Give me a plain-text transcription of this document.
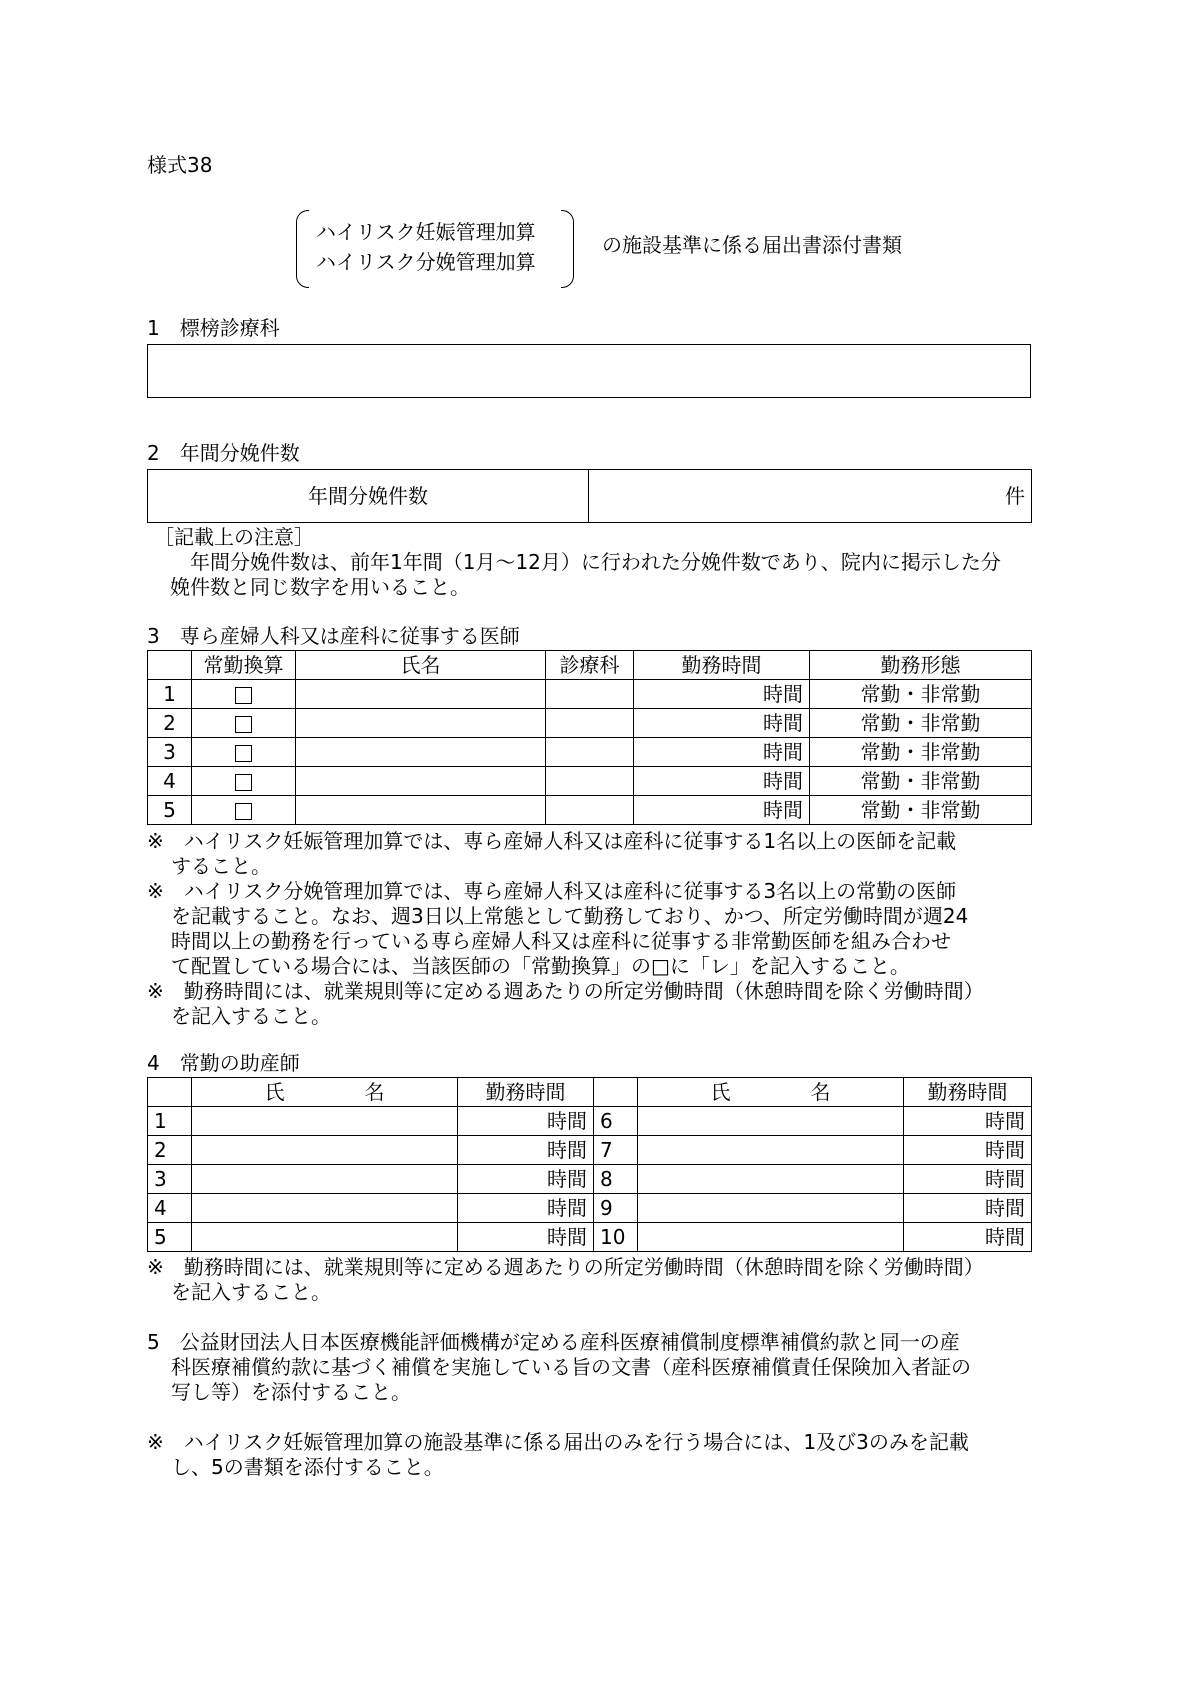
様式38
ハイリスク妊娠管理加算
ハイリスク分娩管理加算
の施設基準に係る届出書添付書類
1　標榜診療科
2　年間分娩件数
年間分娩件数	件
［記載上の注意］
　年間分娩件数は、前年1年間（1月～12月）に行われた分娩件数であり、院内に掲示した分
娩件数と同じ数字を用いること。
3　専ら産婦人科又は産科に従事する医師
	常勤換算	氏名	診療科	勤務時間	勤務形態
1				時間	常勤・非常勤
2				時間	常勤・非常勤
3				時間	常勤・非常勤
4				時間	常勤・非常勤
5				時間	常勤・非常勤
※　ハイリスク妊娠管理加算では、専ら産婦人科又は産科に従事する1名以上の医師を記載
すること。
※　ハイリスク分娩管理加算では、専ら産婦人科又は産科に従事する3名以上の常勤の医師
を記載すること。なお、週3日以上常態として勤務しており、かつ、所定労働時間が週24
時間以上の勤務を行っている専ら産婦人科又は産科に従事する非常勤医師を組み合わせ
て配置している場合には、当該医師の「常勤換算」の□に「レ」を記入すること。
※　勤務時間には、就業規則等に定める週あたりの所定労働時間（休憩時間を除く労働時間）
を記入すること。
4　常勤の助産師
	氏　　　　名	勤務時間		氏　　　　名	勤務時間
1		時間	6		時間
2		時間	7		時間
3		時間	8		時間
4		時間	9		時間
5		時間	10		時間
※　勤務時間には、就業規則等に定める週あたりの所定労働時間（休憩時間を除く労働時間）
を記入すること。
5　公益財団法人日本医療機能評価機構が定める産科医療補償制度標準補償約款と同一の産
科医療補償約款に基づく補償を実施している旨の文書（産科医療補償責任保険加入者証の
写し等）を添付すること。
※　ハイリスク妊娠管理加算の施設基準に係る届出のみを行う場合には、1及び3のみを記載
し、5の書類を添付すること。
